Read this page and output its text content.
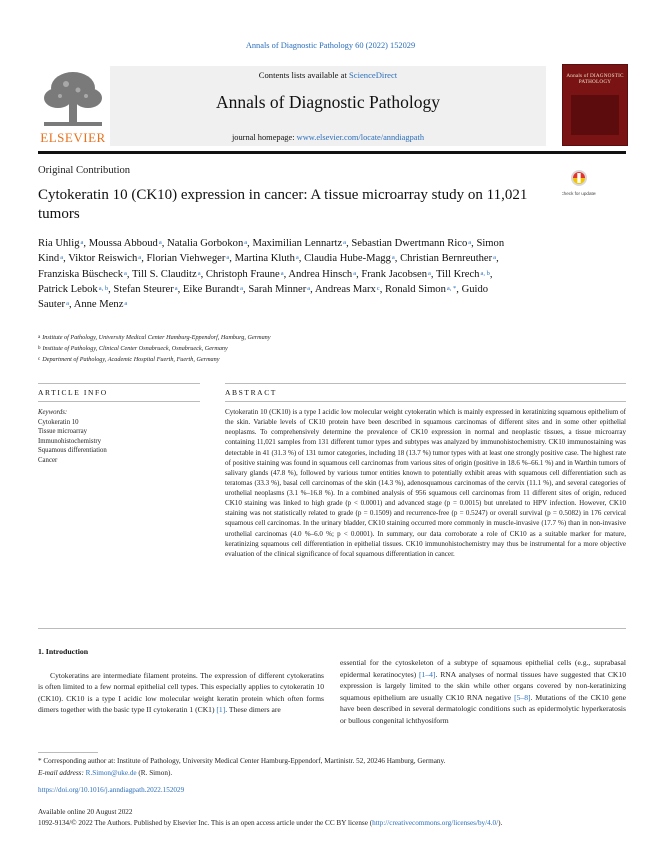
Annals of Diagnostic Pathology 60 (2022) 152029
ELSEVIER
Contents lists available at ScienceDirect
Annals of Diagnostic Pathology
journal homepage: www.elsevier.com/locate/anndiagpath
Annals of DIAGNOSTIC PATHOLOGY
Original Contribution
Check for updates
Cytokeratin 10 (CK10) expression in cancer: A tissue microarray study on 11,021 tumors
Ria Uhlig$^a$, Moussa Abboud$^a$, Natalia Gorbokon$^a$, Maximilian Lennartz$^a$, Sebastian Dwertmann Rico$^a$, Simon Kind$^a$, Viktor Reiswich$^a$, Florian Viehweger$^a$, Martina Kluth$^a$, Claudia Hube-Magg$^a$, Christian Bernreuther$^a$, Franziska Büscheck$^a$, Till S. Clauditz$^a$, Christoph Fraune$^a$, Andrea Hinsch$^a$, Frank Jacobsen$^a$, Till Krech$^{a, b}$, Patrick Lebok$^{a, b}$, Stefan Steurer$^a$, Eike Burandt$^a$, Sarah Minner$^a$, Andreas Marx$^c$, Ronald Simon$^{a, *}$, Guido Sauter$^a$, Anne Menz$^a$
$^a$ Institute of Pathology, University Medical Center Hamburg-Eppendorf, Hamburg, Germany
$^b$ Institute of Pathology, Clinical Center Osnabrueck, Osnabrueck, Germany
$^c$ Department of Pathology, Academic Hospital Fuerth, Fuerth, Germany
ARTICLE INFO	ABSTRACT
Keywords:
Cytokeratin 10
Tissue microarray
Immunohistochemistry
Squamous differentiation
Cancer
Cytokeratin 10 (CK10) is a type I acidic low molecular weight cytokeratin which is mainly expressed in keratinizing squamous epithelium of the skin. Variable levels of CK10 protein have been described in squamous carcinomas of different sites and in some other epithelial neoplasms. To comprehensively determine the prevalence of CK10 expression in normal and neoplastic tissues, a tissue microarray containing 11,021 samples from 131 different tumor types and subtypes was analyzed by immunohistochemistry. CK10 immunostaining was detectable in 41 (31.3 %) of 131 tumor categories, including 18 (13.7 %) tumor types with at least one strongly positive case. The highest rate of positive staining was found in squamous cell carcinomas from various sites of origin (positive in 18.6 %–66.1 %) and in Warthin tumors of salivary glands (47.8 %), followed by various tumor entities known to potentially exhibit areas with squamous cell differentiation such as teratomas (33.3 %), basal cell carcinomas of the skin (14.3 %), adenosquamous carcinomas of the cervix (11.1 %), and several categories of urothelial neoplasms (3.1 %–16.8 %). In a combined analysis of 956 squamous cell carcinomas from 11 different sites of origin, reduced CK10 staining was linked to high grade (p < 0.0001) and advanced stage (p = 0.0015) but unrelated to HPV infection. However, CK10 staining was not statistically related to grade (p = 0.1509) and recurrence-free (p = 0.5247) or overall survival (p = 0.5082) in 176 cervical squamous cell carcinomas. In the urinary bladder, CK10 staining occurred more commonly in muscle-invasive (17.7 %) than in non-invasive urothelial carcinomas (4.0 %–6.0 %; p < 0.0001). In summary, our data corroborate a role of CK10 as a suitable marker for mature, keratinizing squamous cell differentiation in epithelial tissues. CK10 immunohistochemistry may thus be instrumental for a more objective evaluation of the clinical significance of focal squamous differentiation in cancer.
1. Introduction

Cytokeratins are intermediate filament proteins. The expression of different cytokeratins is often limited to a few normal epithelial cell types. This especially applies to cytokeratin 10 (CK10). CK10 is a type I acidic low molecular weight keratin protein which often forms dimers together with the basic type II cytokeratin 1 (CK1) [1]. These dimers are

essential for the cytoskeleton of a subtype of squamous epithelial cells (e.g., suprabasal epidermal keratinocytes) [1–4]. RNA analyses of normal tissues have suggested that CK10 expression is largely limited to the skin while other organs covered by non-keratinizing squamous epithelium are usually CK10 RNA negative [5–8]. Mutations of the CK10 gene have been described in several dermatologic conditions such as epidermolytic hyperkeratosis or bullous congenital ichthyosiform

* Corresponding author at: Institute of Pathology, University Medical Center Hamburg-Eppendorf, Martinistr. 52, 20246 Hamburg, Germany.
E-mail address: R.Simon@uke.de (R. Simon).
https://doi.org/10.1016/j.anndiagpath.2022.152029
Available online 20 August 2022
1092-9134/© 2022 The Authors. Published by Elsevier Inc. This is an open access article under the CC BY license (http://creativecommons.org/licenses/by/4.0/).
